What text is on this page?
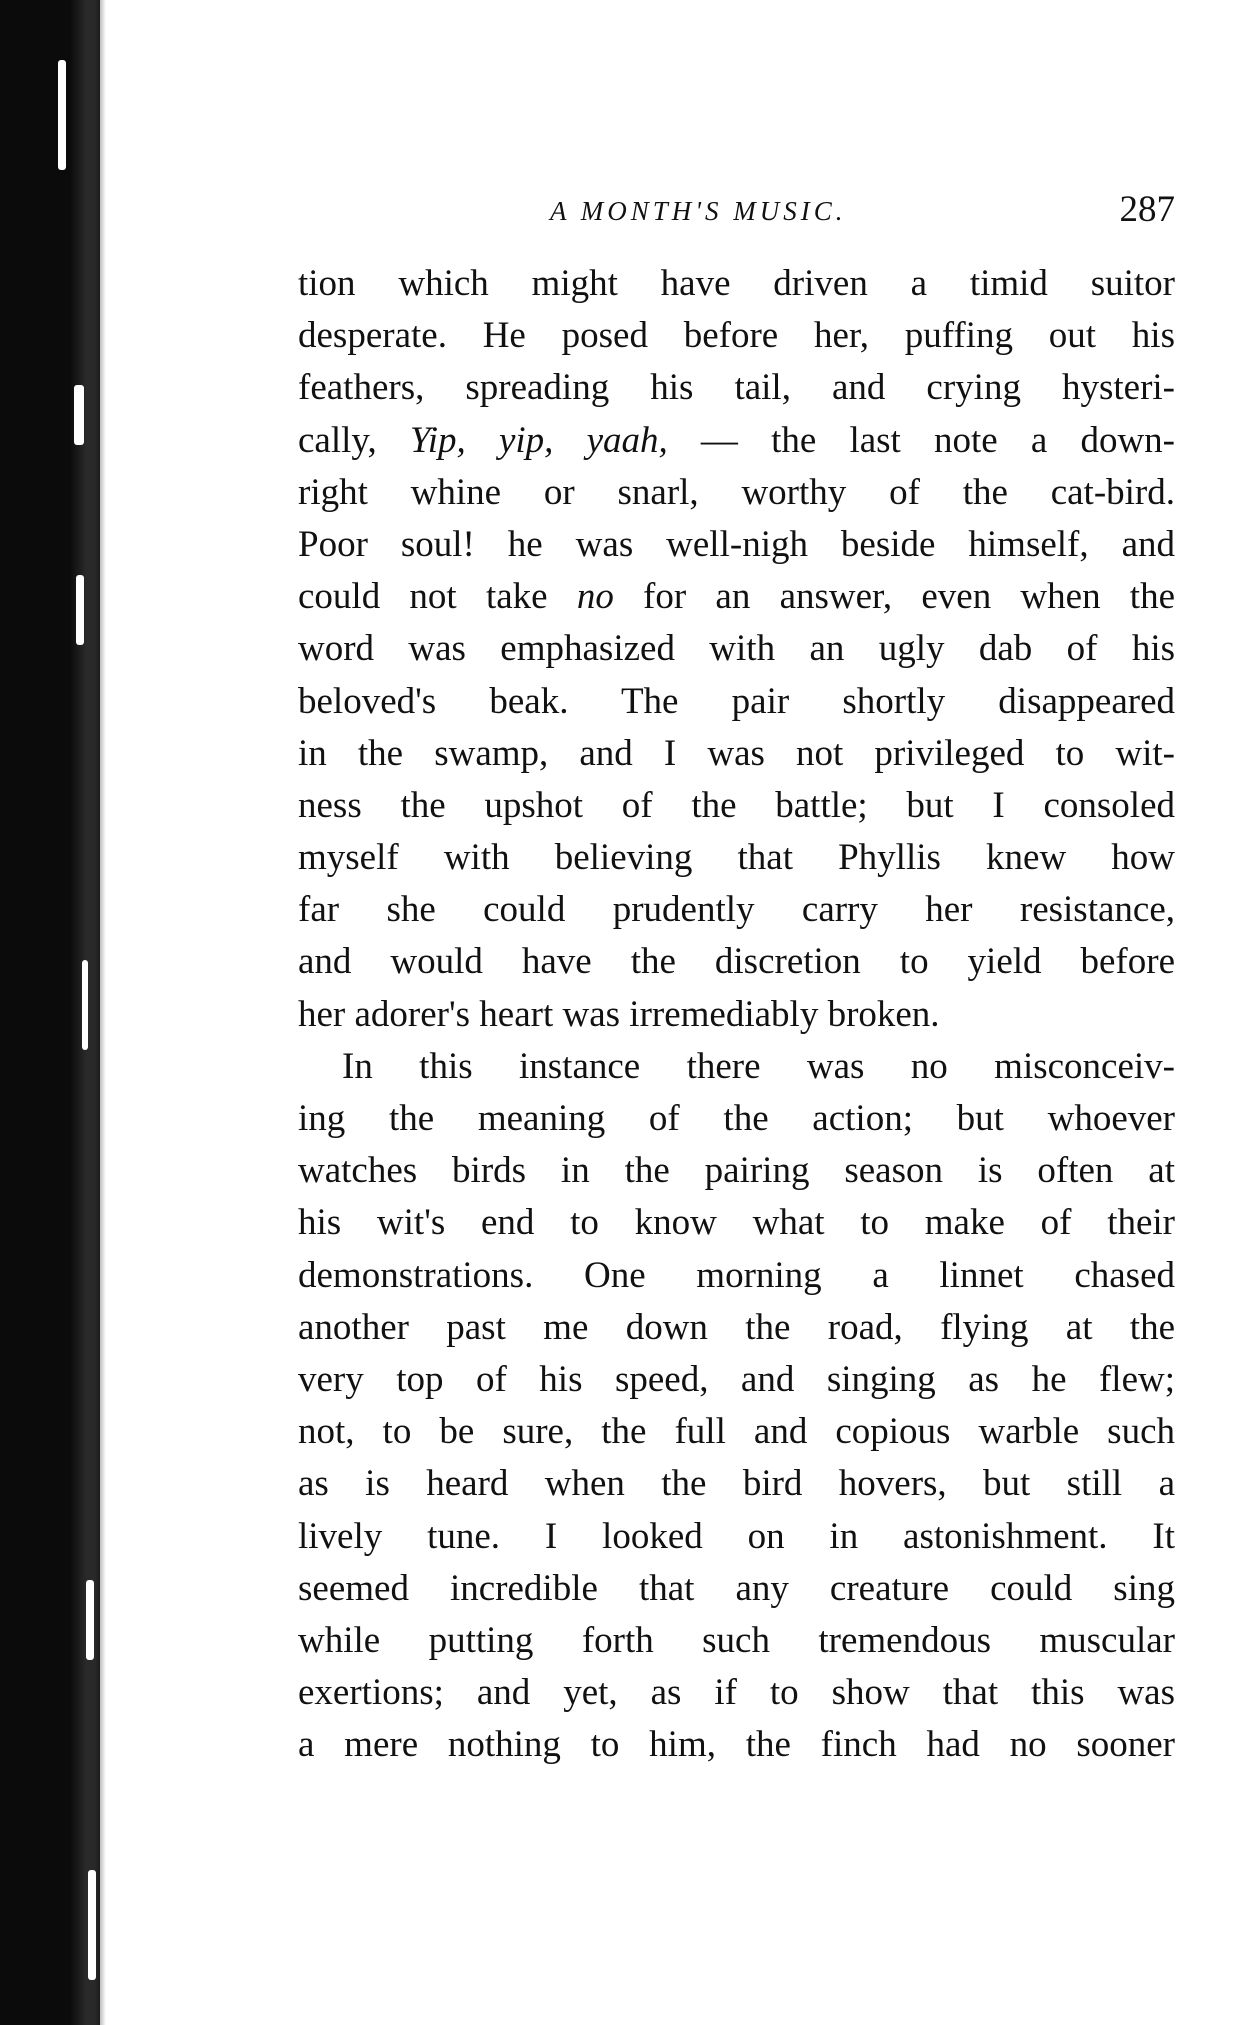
A MONTH'S MUSIC.	287
tion which might have driven a timid suitor
desperate. He posed before her, puffing out his
feathers, spreading his tail, and crying hysteri-
cally, Yip, yip, yaah, — the last note a down-
right whine or snarl, worthy of the cat-bird.
Poor soul! he was well-nigh beside himself, and
could not take no for an answer, even when the
word was emphasized with an ugly dab of his
beloved's beak. The pair shortly disappeared
in the swamp, and I was not privileged to wit-
ness the upshot of the battle; but I consoled
myself with believing that Phyllis knew how
far she could prudently carry her resistance,
and would have the discretion to yield before
her adorer's heart was irremediably broken.
In this instance there was no misconceiv-
ing the meaning of the action; but whoever
watches birds in the pairing season is often at
his wit's end to know what to make of their
demonstrations. One morning a linnet chased
another past me down the road, flying at the
very top of his speed, and singing as he flew;
not, to be sure, the full and copious warble such
as is heard when the bird hovers, but still a
lively tune. I looked on in astonishment. It
seemed incredible that any creature could sing
while putting forth such tremendous muscular
exertions; and yet, as if to show that this was
a mere nothing to him, the finch had no sooner
